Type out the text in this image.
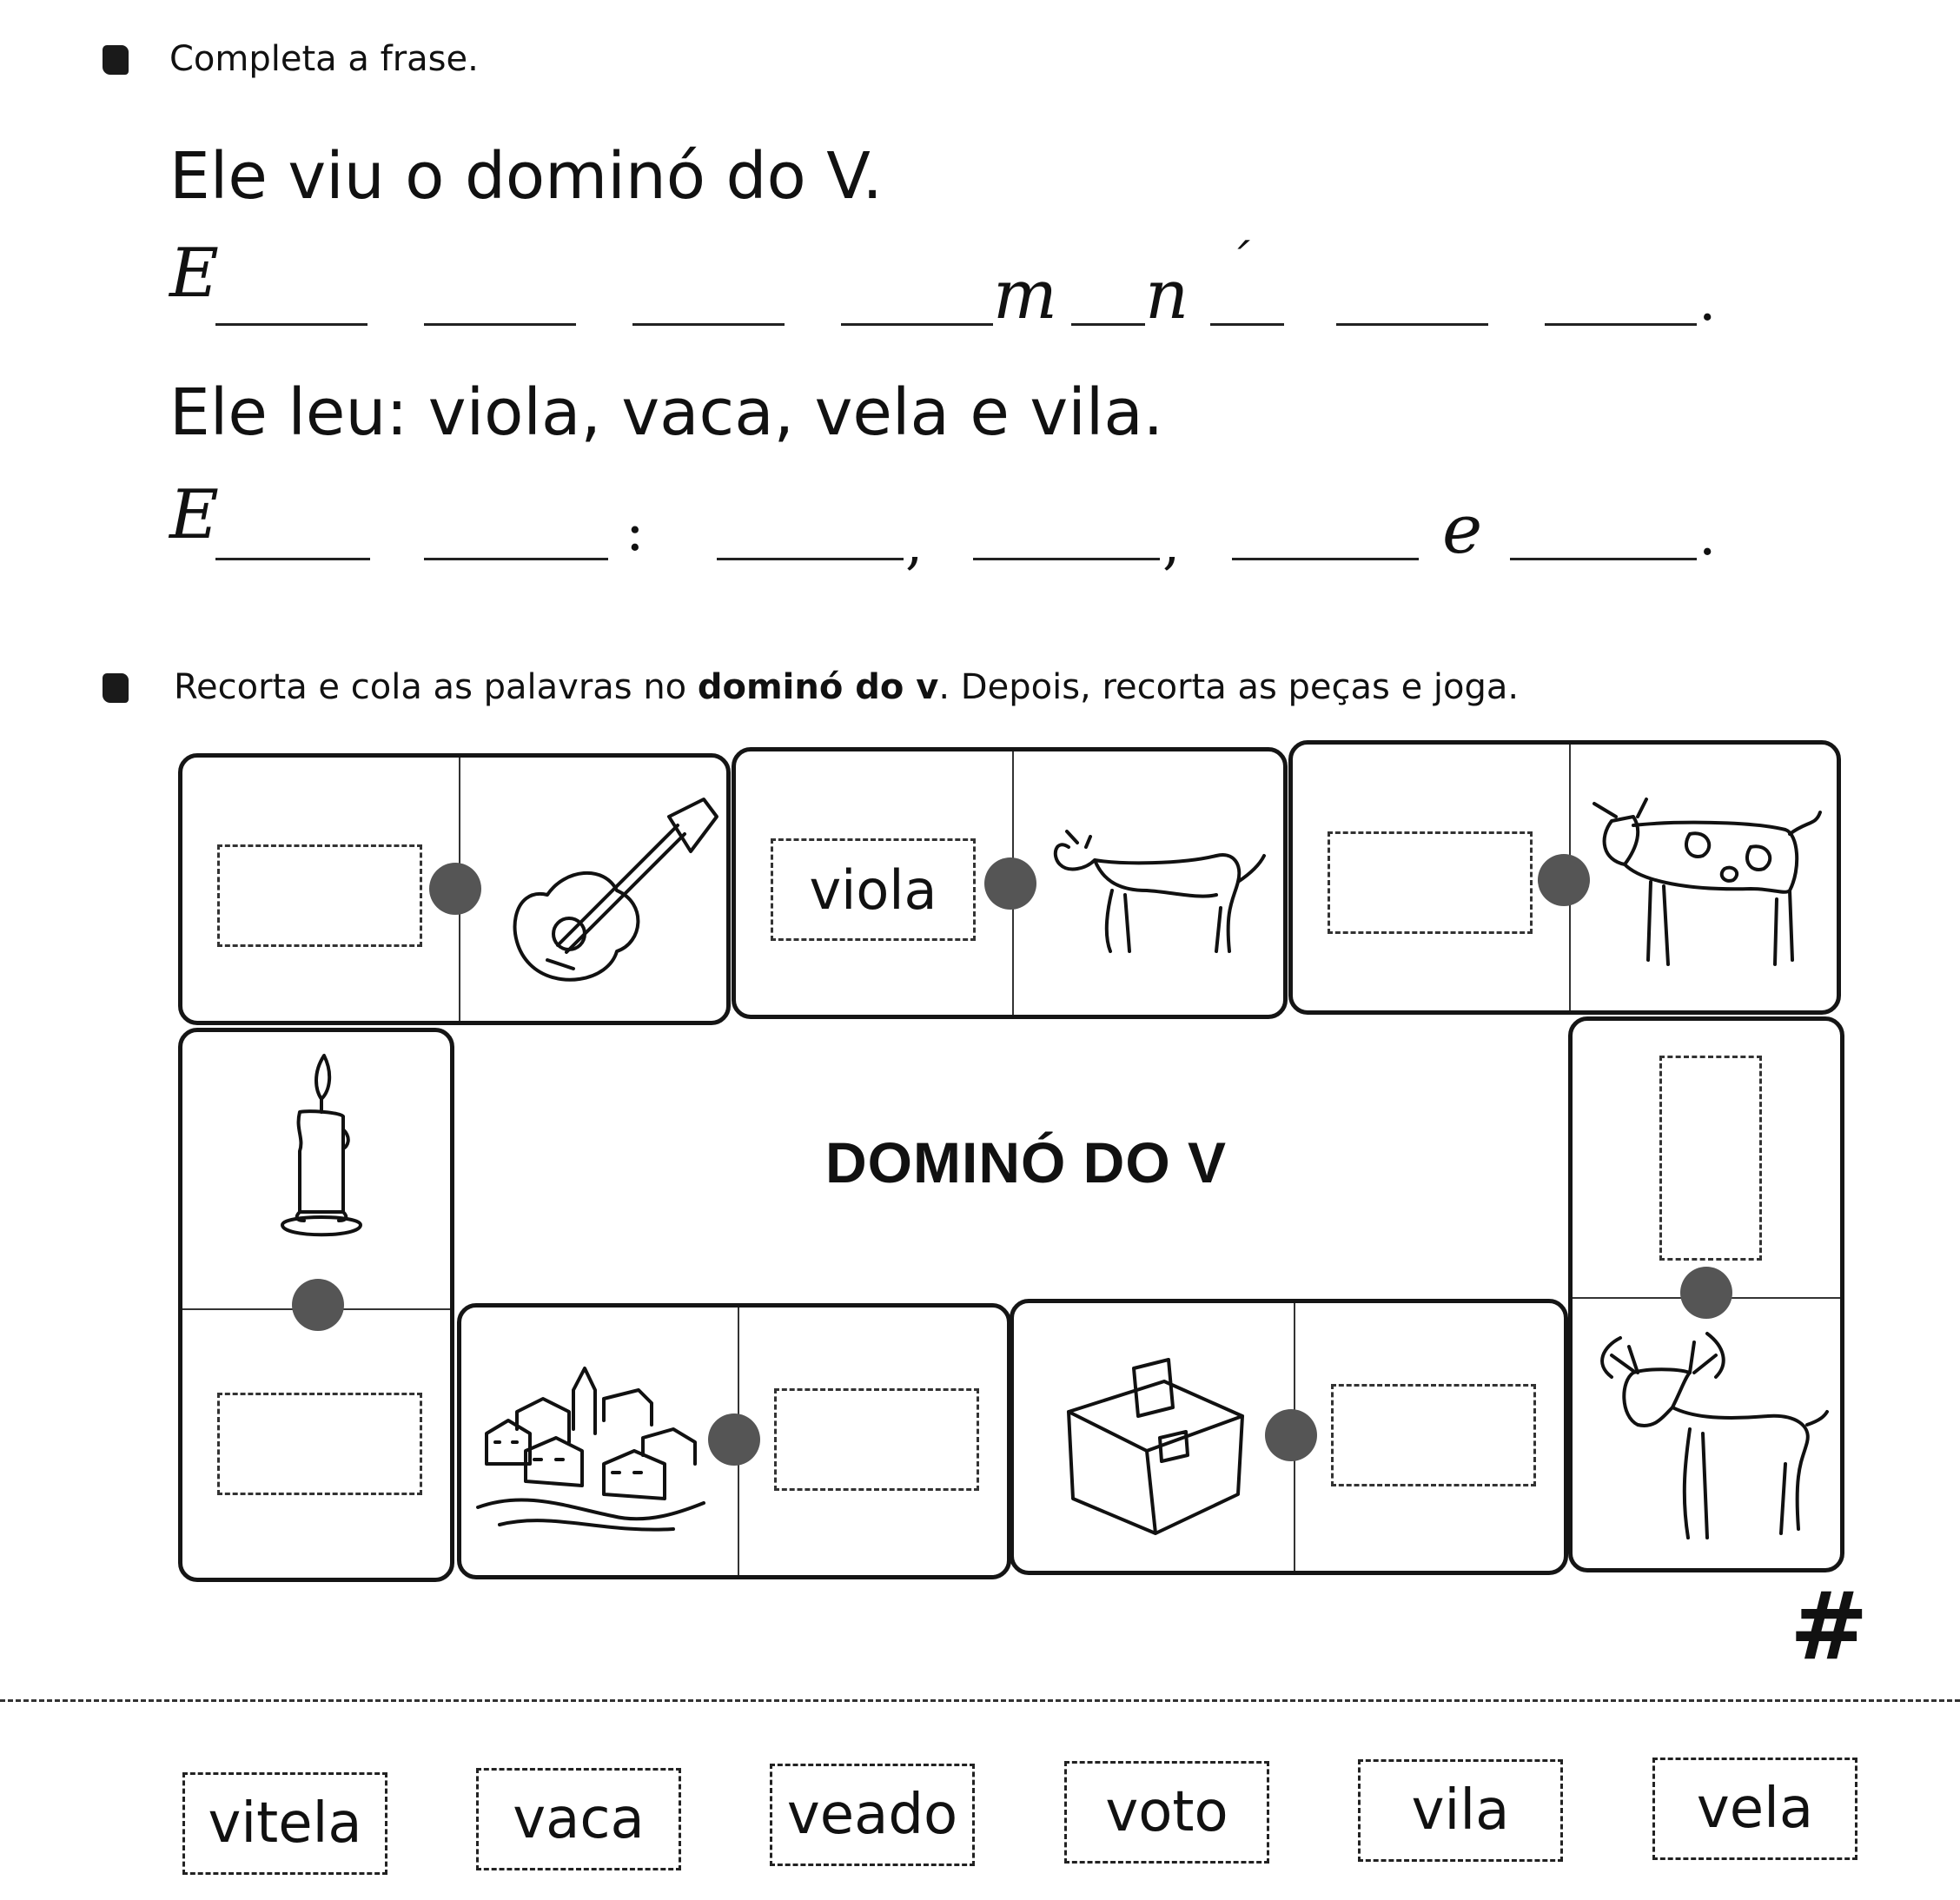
Completa a frase.
Ele viu o dominó do V.
E	m n ´
.
Ele leu: viola, vaca, vela e vila.
E	:	,	,	e	.
Recorta e cola as palavras no dominó do v. Depois, recorta as peças e joga.
viola
DOMINÓ DO V
#
vitela	vaca	veado	voto	vila	vela
